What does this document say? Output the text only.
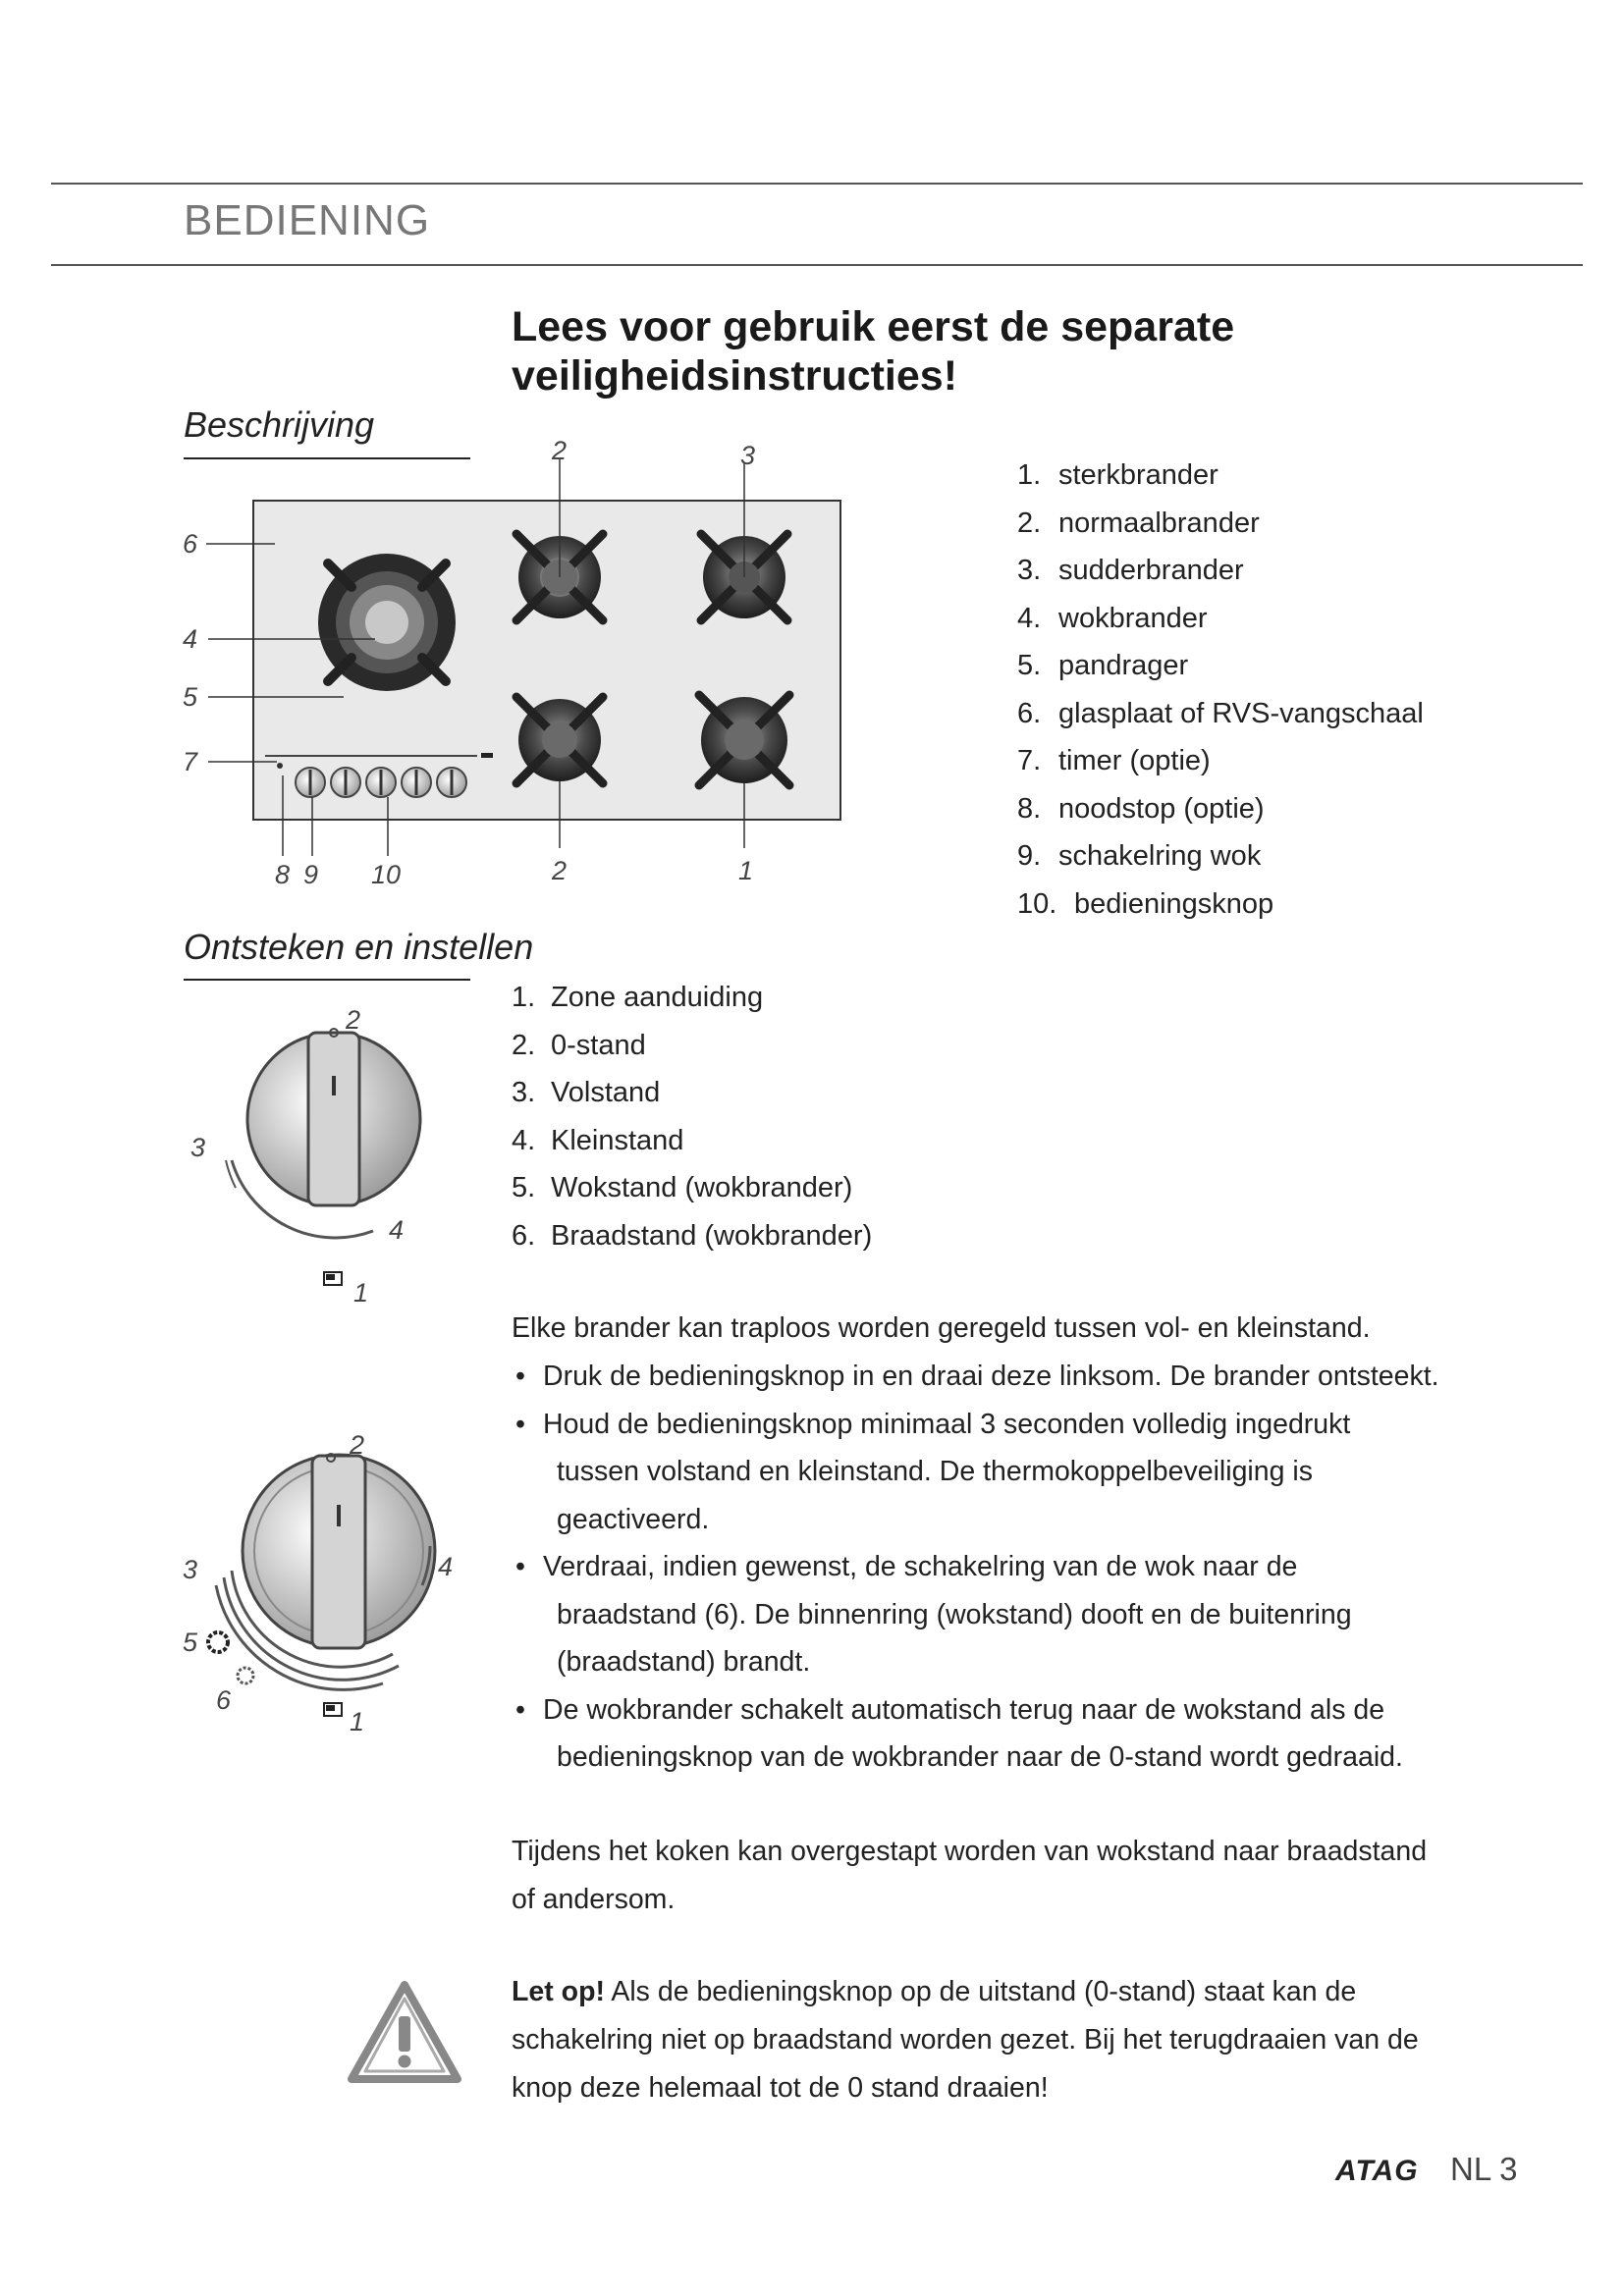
BEDIENING
Lees voor gebruik eerst de separate
veiligheidsinstructies!
Beschrijving
2	3
6
4
5
7
8 9 10	2	1
1. sterkbrander
2. normaalbrander
3. sudderbrander
4. wokbrander
5. pandrager
6. glasplaat of RVS-vangschaal
7. timer (optie)
8. noodstop (optie)
9. schakelring wok
10. bedieningsknop
Ontsteken en instellen
2
3
4
1
1. Zone aanduiding
2. 0-stand
3. Volstand
4. Kleinstand
5. Wokstand (wokbrander)
6. Braadstand (wokbrander)
2
3	4
5
6
1
Elke brander kan traploos worden geregeld tussen vol- en kleinstand.
• Druk de bedieningsknop in en draai deze linksom. De brander ontsteekt.
• Houd de bedieningsknop minimaal 3 seconden volledig ingedrukt
tussen volstand en kleinstand. De thermokoppelbeveiliging is
geactiveerd.
• Verdraai, indien gewenst, de schakelring van de wok naar de
braadstand (6). De binnenring (wokstand) dooft en de buitenring
(braadstand) brandt.
• De wokbrander schakelt automatisch terug naar de wokstand als de
bedieningsknop van de wokbrander naar de 0-stand wordt gedraaid.
Tijdens het koken kan overgestapt worden van wokstand naar braadstand
of andersom.
Let op! Als de bedieningsknop op de uitstand (0-stand) staat kan de
schakelring niet op braadstand worden gezet. Bij het terugdraaien van de
knop deze helemaal tot de 0 stand draaien!
ATAG NL 3
